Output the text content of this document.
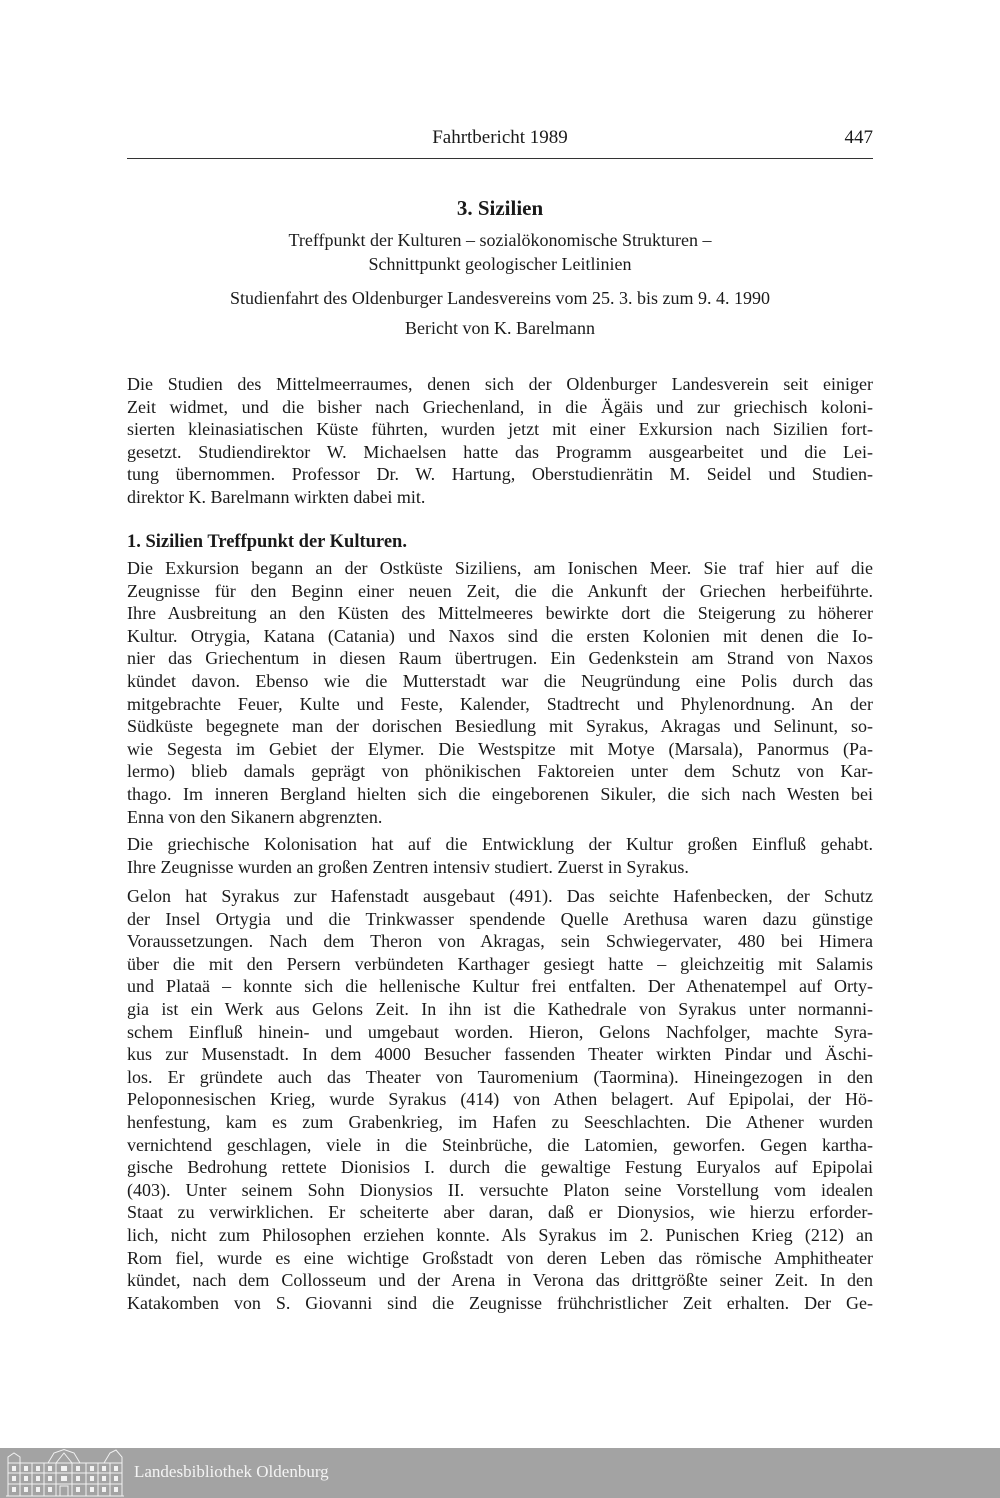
Fahrtbericht 1989	447
3. Sizilien
Treffpunkt der Kulturen – sozialökonomische Strukturen –
Schnittpunkt geologischer Leitlinien
Studienfahrt des Oldenburger Landesvereins vom 25. 3. bis zum 9. 4. 1990
Bericht von K. Barelmann
Die Studien des Mittelmeerraumes, denen sich der Oldenburger Landesverein seit einiger
Zeit widmet, und die bisher nach Griechenland, in die Ägäis und zur griechisch koloni-
sierten kleinasiatischen Küste führten, wurden jetzt mit einer Exkursion nach Sizilien fort-
gesetzt. Studiendirektor W. Michaelsen hatte das Programm ausgearbeitet und die Lei-
tung übernommen. Professor Dr. W. Hartung, Oberstudienrätin M. Seidel und Studien-
direktor K. Barelmann wirkten dabei mit.
1. Sizilien Treffpunkt der Kulturen.
Die Exkursion begann an der Ostküste Siziliens, am Ionischen Meer. Sie traf hier auf die
Zeugnisse für den Beginn einer neuen Zeit, die die Ankunft der Griechen herbeiführte.
Ihre Ausbreitung an den Küsten des Mittelmeeres bewirkte dort die Steigerung zu höherer
Kultur. Otrygia, Katana (Catania) und Naxos sind die ersten Kolonien mit denen die Io-
nier das Griechentum in diesen Raum übertrugen. Ein Gedenkstein am Strand von Naxos
kündet davon. Ebenso wie die Mutterstadt war die Neugründung eine Polis durch das
mitgebrachte Feuer, Kulte und Feste, Kalender, Stadtrecht und Phylenordnung. An der
Südküste begegnete man der dorischen Besiedlung mit Syrakus, Akragas und Selinunt, so-
wie Segesta im Gebiet der Elymer. Die Westspitze mit Motye (Marsala), Panormus (Pa-
lermo) blieb damals geprägt von phönikischen Faktoreien unter dem Schutz von Kar-
thago. Im inneren Bergland hielten sich die eingeborenen Sikuler, die sich nach Westen bei
Enna von den Sikanern abgrenzten.
Die griechische Kolonisation hat auf die Entwicklung der Kultur großen Einfluß gehabt.
Ihre Zeugnisse wurden an großen Zentren intensiv studiert. Zuerst in Syrakus.
Gelon hat Syrakus zur Hafenstadt ausgebaut (491). Das seichte Hafenbecken, der Schutz
der Insel Ortygia und die Trinkwasser spendende Quelle Arethusa waren dazu günstige
Voraussetzungen. Nach dem Theron von Akragas, sein Schwiegervater, 480 bei Himera
über die mit den Persern verbündeten Karthager gesiegt hatte – gleichzeitig mit Salamis
und Plataä – konnte sich die hellenische Kultur frei entfalten. Der Athenatempel auf Orty-
gia ist ein Werk aus Gelons Zeit. In ihn ist die Kathedrale von Syrakus unter normanni-
schem Einfluß hinein- und umgebaut worden. Hieron, Gelons Nachfolger, machte Syra-
kus zur Musenstadt. In dem 4000 Besucher fassenden Theater wirkten Pindar und Äschi-
los. Er gründete auch das Theater von Tauromenium (Taormina). Hineingezogen in den
Peloponnesischen Krieg, wurde Syrakus (414) von Athen belagert. Auf Epipolai, der Hö-
henfestung, kam es zum Grabenkrieg, im Hafen zu Seeschlachten. Die Athener wurden
vernichtend geschlagen, viele in die Steinbrüche, die Latomien, geworfen. Gegen kartha-
gische Bedrohung rettete Dionisios I. durch die gewaltige Festung Euryalos auf Epipolai
(403). Unter seinem Sohn Dionysios II. versuchte Platon seine Vorstellung vom idealen
Staat zu verwirklichen. Er scheiterte aber daran, daß er Dionysios, wie hierzu erforder-
lich, nicht zum Philosophen erziehen konnte. Als Syrakus im 2. Punischen Krieg (212) an
Rom fiel, wurde es eine wichtige Großstadt von deren Leben das römische Amphitheater
kündet, nach dem Collosseum und der Arena in Verona das drittgrößte seiner Zeit. In den
Katakomben von S. Giovanni sind die Zeugnisse frühchristlicher Zeit erhalten. Der Ge-
Landesbibliothek Oldenburg
